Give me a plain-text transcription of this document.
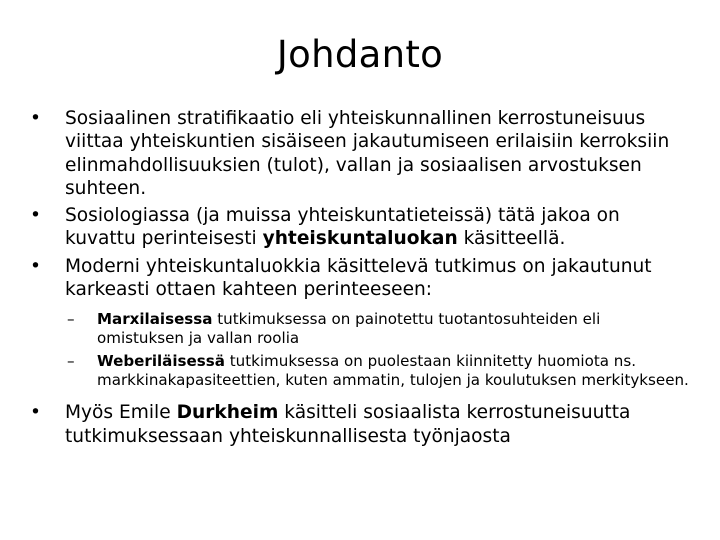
Johdanto

•	Sosiaalinen stratifikaatio eli yhteiskunnallinen kerrostuneisuus viittaa yhteiskuntien sisäiseen jakautumiseen erilaisiin kerroksiin elinmahdollisuuksien (tulot), vallan ja sosiaalisen arvostuksen suhteen.

•	Sosiologiassa (ja muissa yhteiskuntatieteissä) tätä jakoa on kuvattu perinteisesti yhteiskuntaluokan käsitteellä.

•	Moderni yhteiskuntaluokkia käsittelevä tutkimus on jakautunut karkeasti ottaen kahteen perinteeseen:

–	Marxilaisessa tutkimuksessa on painotettu tuotantosuhteiden eli omistuksen ja vallan roolia

–	Weberiläisessä tutkimuksessa on puolestaan kiinnitetty huomiota ns. markkinakapasiteettien, kuten ammatin, tulojen ja koulutuksen merkitykseen.

•	Myös Emile Durkheim käsitteli sosiaalista kerrostuneisuutta tutkimuksessaan yhteiskunnallisesta työnjaosta
